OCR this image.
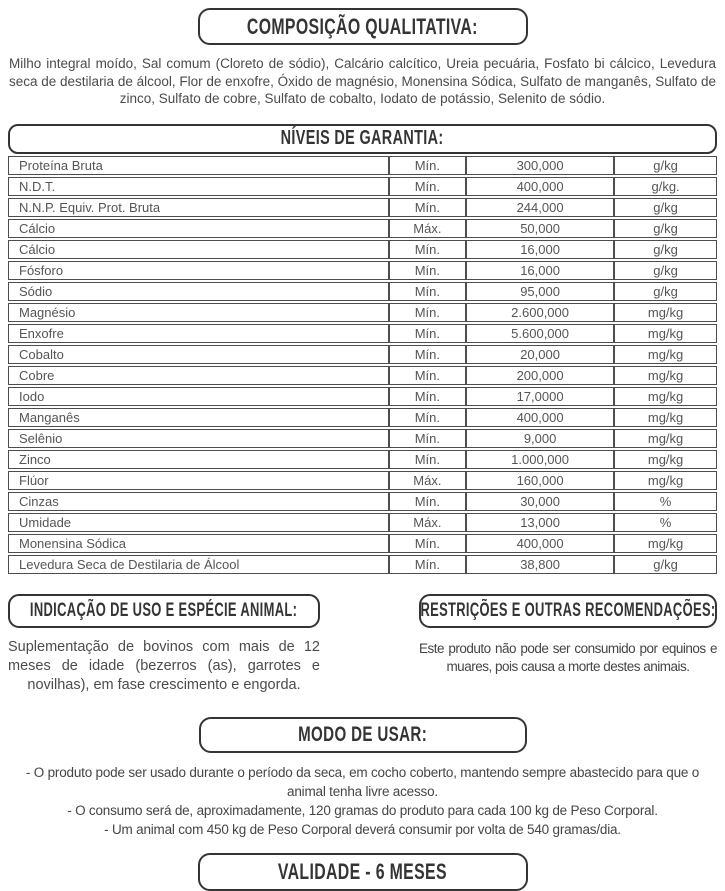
COMPOSIÇÃO QUALITATIVA:

Milho integral moído, Sal comum (Cloreto de sódio), Calcário calcítico, Ureia pecuária, Fosfato bi cálcico, Levedura seca de destilaria de álcool, Flor de enxofre, Óxido de magnésio, Monensina Sódica, Sulfato de manganês, Sulfato de zinco, Sulfato de cobre, Sulfato de cobalto, Iodato de potássio, Selenito de sódio.

NÍVEIS DE GARANTIA:
Proteína Bruta	Mín.	300,000	g/kg
N.D.T.	Mín.	400,000	g/kg.
N.N.P. Equiv. Prot. Bruta	Mín.	244,000	g/kg
Cálcio	Máx.	50,000	g/kg
Cálcio	Mín.	16,000	g/kg
Fósforo	Mín.	16,000	g/kg
Sódio	Mín.	95,000	g/kg
Magnésio	Mín.	2.600,000	mg/kg
Enxofre	Mín.	5.600,000	mg/kg
Cobalto	Mín.	20,000	mg/kg
Cobre	Mín.	200,000	mg/kg
Iodo	Mín.	17,0000	mg/kg
Manganês	Mín.	400,000	mg/kg
Selênio	Mín.	9,000	mg/kg
Zinco	Mín.	1.000,000	mg/kg
Flúor	Máx.	160,000	mg/kg
Cinzas	Mín.	30,000	%
Umidade	Máx.	13,000	%
Monensina Sódica	Mín.	400,000	mg/kg
Levedura Seca de Destilaria de Álcool	Mín.	38,800	g/kg
INDICAÇÃO DE USO E ESPÉCIE ANIMAL:

Suplementação de bovinos com mais de 12 meses de idade (bezerros (as), garrotes e novilhas), em fase crescimento e engorda.

RESTRIÇÕES E OUTRAS RECOMENDAÇÕES:

Este produto não pode ser consumido por equinos e muares, pois causa a morte destes animais.

MODO DE USAR:
- O produto pode ser usado durante o período da seca, em cocho coberto, mantendo sempre abastecido para que o animal tenha livre acesso.
- O consumo será de, aproximadamente, 120 gramas do produto para cada 100 kg de Peso Corporal.
- Um animal com 450 kg de Peso Corporal deverá consumir por volta de 540 gramas/dia.
VALIDADE - 6 MESES
